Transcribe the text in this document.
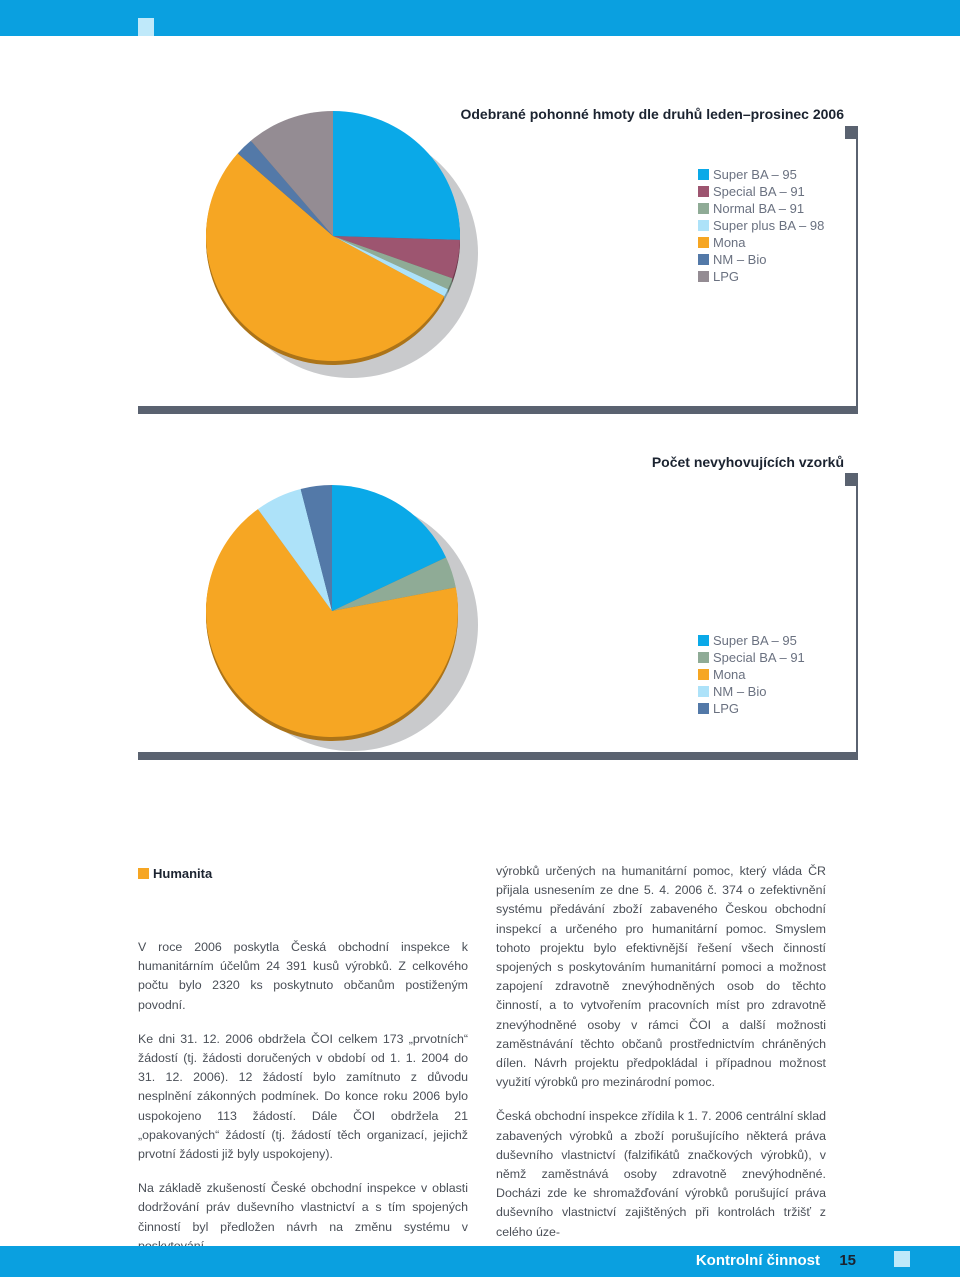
Odebrané pohonné hmoty dle druhů leden–prosinec 2006
Super BA – 95
Special BA – 91
Normal BA – 91
Super plus BA – 98
Mona
NM – Bio
LPG
Počet nevyhovujících vzorků
Super BA – 95
Special BA – 91
Mona
NM – Bio
LPG
Humanita

V roce 2006 poskytla Česká obchodní inspekce k humanitárním účelům 24 391 kusů výrobků. Z celkového počtu bylo 2320 ks poskytnuto občanům postiženým povodní.

Ke dni 31. 12. 2006 obdržela ČOI celkem 173 „prvotních“ žádostí (tj. žádosti doručených v období od 1. 1. 2004 do 31. 12. 2006). 12 žádostí bylo zamítnuto z důvodu nesplnění zákonných podmínek. Do konce roku 2006 bylo uspokojeno 113 žádostí. Dále ČOI obdržela 21 „opakovaných“ žádostí (tj. žádostí těch organizací, jejichž prvotní žádosti již byly uspokojeny).

Na základě zkušeností České obchodní inspekce v oblasti dodržování práv duševního vlastnictví a s tím spojených činností byl předložen návrh na změnu systému v

výrobků určených na humanitární pomoc, který vláda ČR přijala usnesením ze dne 5. 4. 2006 č. 374 o zefektivnění systému předávání zboží zabaveného Českou obchodní inspekcí a určeného pro humanitární pomoc. Smyslem tohoto projektu bylo efektivnější řešení všech činností spojených s poskytováním humanitární pomoci a možnost zapojení zdravotně znevýhodněných osob do těchto činností, a to vytvořením pracovních míst pro zdravotně znevýhodněné osoby v rámci ČOI a další možnosti zaměstnávání těchto občanů prostřednictvím chráněných dílen. Návrh projektu předpokládal i případnou možnost využití výrobků pro mezinárodní pomoc.

Česká obchodní inspekce zřídila k 1. 7. 2006 centrální sklad zabavených výrobků a zboží porušujícího některá práva duševního vlastnictví (falzifikátů značkových výrobků), v němž zaměstnává osoby zdravotně znevýhodněné. Docházi zde ke shromažďování výrobků porušující práva duševního vlastnictví zajištěných při kontrolách tržišť z celého úze-

Kontrolní činnost 15
